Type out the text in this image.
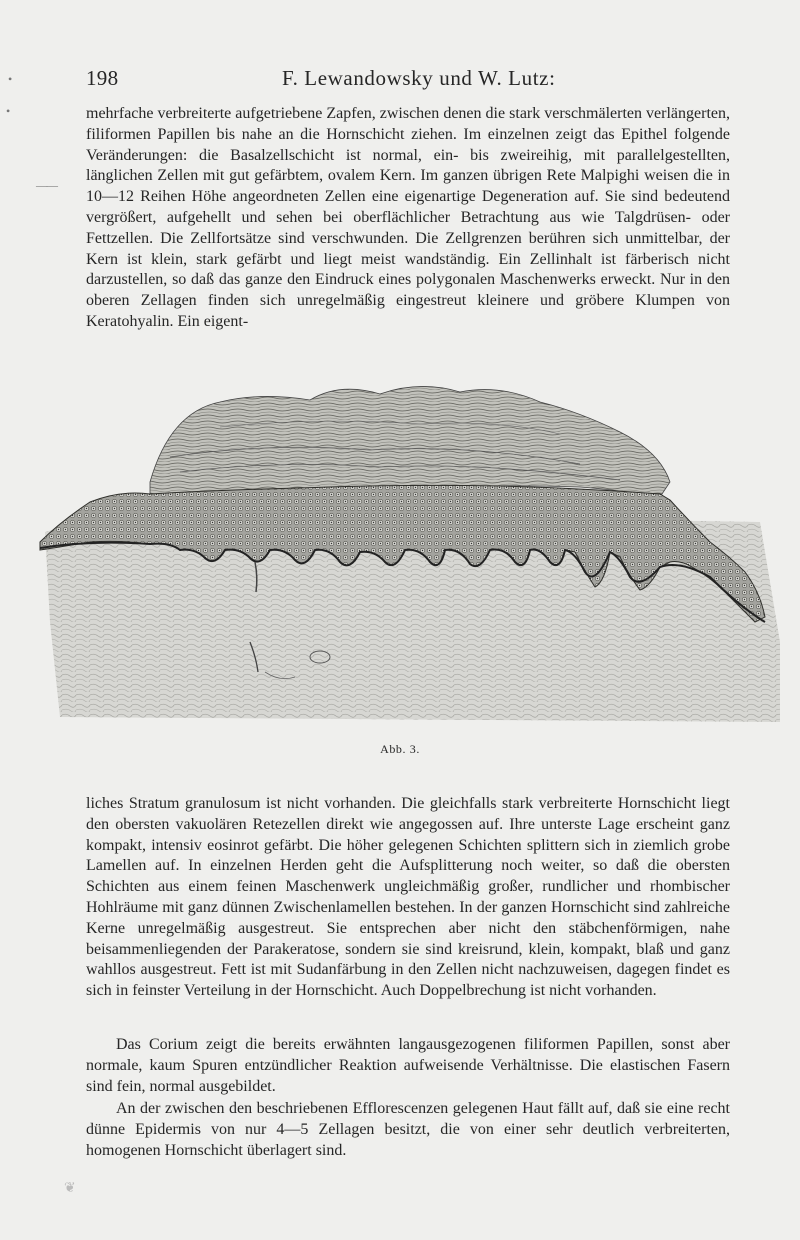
198	F. Lewandowsky und W. Lutz:
•
•
——

mehrfache verbreiterte aufgetriebene Zapfen, zwischen denen die stark verschmälerten verlängerten, filiformen Papillen bis nahe an die Hornschicht ziehen. Im einzelnen zeigt das Epithel folgende Veränderungen: die Basalzellschicht ist normal, ein- bis zweireihig, mit parallelgestellten, länglichen Zellen mit gut gefärbtem, ovalem Kern. Im ganzen übrigen Rete Malpighi weisen die in 10—12 Reihen Höhe angeordneten Zellen eine eigenartige Degeneration auf. Sie sind bedeutend vergrößert, aufgehellt und sehen bei oberflächlicher Betrachtung aus wie Talgdrüsen- oder Fettzellen. Die Zellfortsätze sind verschwunden. Die Zellgrenzen berühren sich unmittelbar, der Kern ist klein, stark gefärbt und liegt meist wandständig. Ein Zellinhalt ist färberisch nicht darzustellen, so daß das ganze den Eindruck eines polygonalen Maschenwerks erweckt. Nur in den oberen Zellagen finden sich unregelmäßig eingestreut kleinere und gröbere Klumpen von Keratohyalin. Ein eigent-

Abb. 3.

liches Stratum granulosum ist nicht vorhanden. Die gleichfalls stark verbreiterte Hornschicht liegt den obersten vakuolären Retezellen direkt wie angegossen auf. Ihre unterste Lage erscheint ganz kompakt, intensiv eosinrot gefärbt. Die höher gelegenen Schichten splittern sich in ziemlich grobe Lamellen auf. In einzelnen Herden geht die Aufsplitterung noch weiter, so daß die obersten Schichten aus einem feinen Maschenwerk ungleichmäßig großer, rundlicher und rhombischer Hohlräume mit ganz dünnen Zwischenlamellen bestehen. In der ganzen Hornschicht sind zahlreiche Kerne unregelmäßig ausgestreut. Sie entsprechen aber nicht den stäbchenförmigen, nahe beisammenliegenden der Parakeratose, sondern sie sind kreisrund, klein, kompakt, blaß und ganz wahllos ausgestreut. Fett ist mit Sudanfärbung in den Zellen nicht nachzuweisen, dagegen findet es sich in feinster Verteilung in der Hornschicht. Auch Doppelbrechung ist nicht vorhanden.

Das Corium zeigt die bereits erwähnten langausgezogenen filiformen Papillen, sonst aber normale, kaum Spuren entzündlicher Reaktion aufweisende Verhältnisse. Die elastischen Fasern sind fein, normal ausgebildet.

An der zwischen den beschriebenen Efflorescenzen gelegenen Haut fällt auf, daß sie eine recht dünne Epidermis von nur 4—5 Zellagen besitzt, die von einer sehr deutlich verbreiterten, homogenen Hornschicht überlagert sind.

❦
